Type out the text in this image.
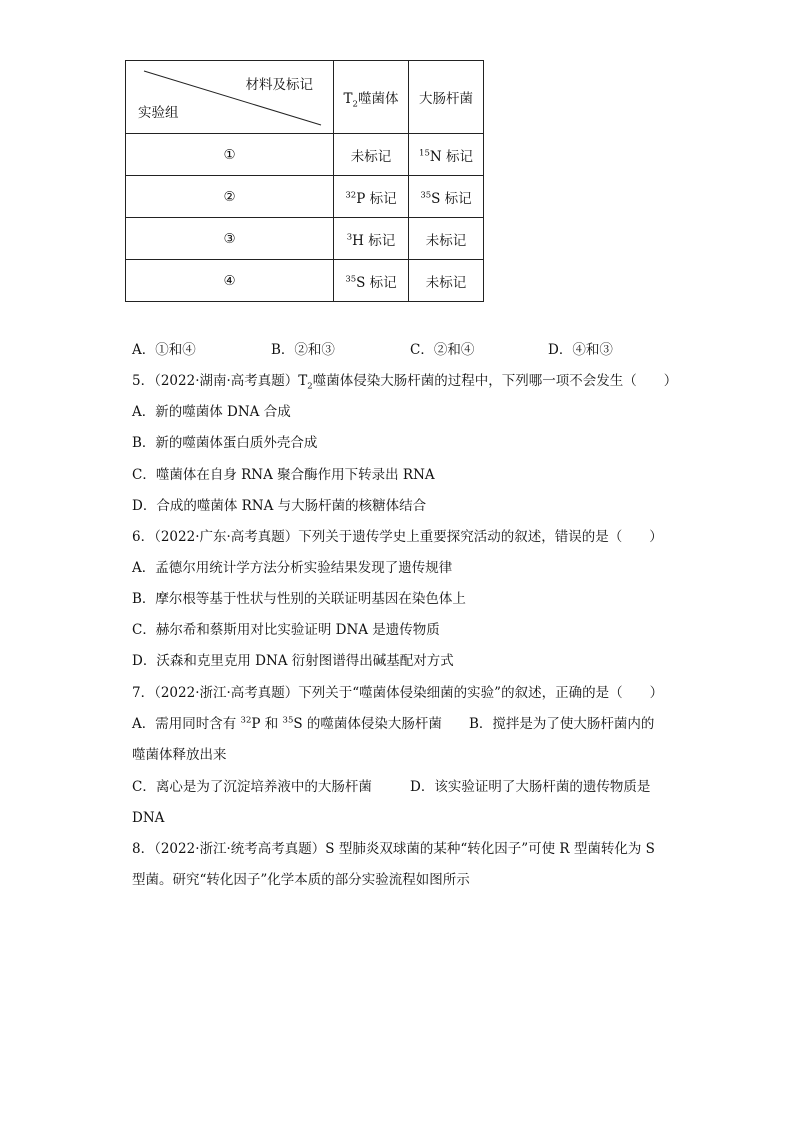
材料及标记
实验组	$T_2$噬菌体	大肠杆菌
①	未标记	$^{15}$N 标记
②	$^{32}$P 标记	$^{35}$S 标记
③	$^3$H 标记	未标记
④	$^{35}$S 标记	未标记
A．①和④	B．②和③	C．②和④	D．④和③
5．（2022·湖南·高考真题）$T_2$噬菌体侵染大肠杆菌的过程中，下列哪一项不会发生（　　）
A．新的噬菌体 DNA 合成
B．新的噬菌体蛋白质外壳合成
C．噬菌体在自身 RNA 聚合酶作用下转录出 RNA
D．合成的噬菌体 RNA 与大肠杆菌的核糖体结合
6．（2022·广东·高考真题）下列关于遗传学史上重要探究活动的叙述，错误的是（　　）
A．孟德尔用统计学方法分析实验结果发现了遗传规律
B．摩尔根等基于性状与性别的关联证明基因在染色体上
C．赫尔希和蔡斯用对比实验证明 DNA 是遗传物质
D．沃森和克里克用 DNA 衍射图谱得出碱基配对方式
7．（2022·浙江·高考真题）下列关于“噬菌体侵染细菌的实验”的叙述，正确的是（　　）
A．需用同时含有 $^{32}$P 和 $^{35}$S 的噬菌体侵染大肠杆菌 B．搅拌是为了使大肠杆菌内的
噬菌体释放出来
C．离心是为了沉淀培养液中的大肠杆菌	D．该实验证明了大肠杆菌的遗传物质是
DNA
8．（2022·浙江·统考高考真题）S 型肺炎双球菌的某种“转化因子”可使 R 型菌转化为 S
型菌。研究“转化因子”化学本质的部分实验流程如图所示
